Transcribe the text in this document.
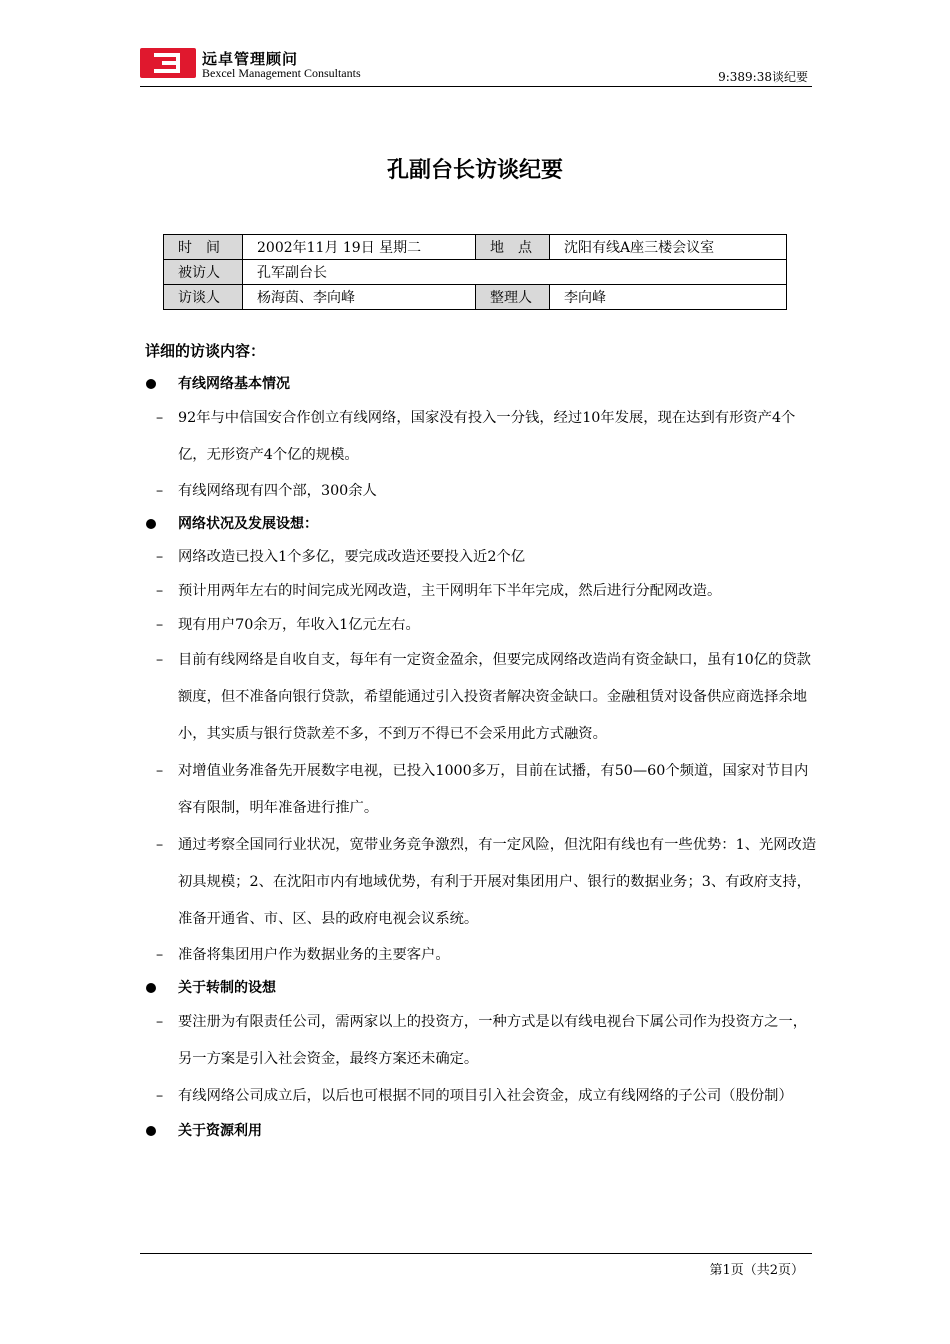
远卓管理顾问
Bexcel Management Consultants	9:389:38谈纪要
孔副台长访谈纪要
时　间	2002年11月 19日 星期二	地　点	沈阳有线A座三楼会议室
被访人	孔军副台长		
访谈人	杨海茵、李向峰	整理人	李向峰
详细的访谈内容：
有线网络基本情况
– 92年与中信国安合作创立有线网络，国家没有投入一分钱，经过10年发展，现在达到有形资产4个亿，无形资产4个亿的规模。
– 有线网络现有四个部，300余人
网络状况及发展设想：
– 网络改造已投入1个多亿，要完成改造还要投入近2个亿
– 预计用两年左右的时间完成光网改造，主干网明年下半年完成，然后进行分配网改造。
– 现有用户70余万，年收入1亿元左右。
– 目前有线网络是自收自支，每年有一定资金盈余，但要完成网络改造尚有资金缺口，虽有10亿的贷款额度，但不准备向银行贷款，希望能通过引入投资者解决资金缺口。金融租赁对设备供应商选择余地小，其实质与银行贷款差不多，不到万不得已不会采用此方式融资。
– 对增值业务准备先开展数字电视，已投入1000多万，目前在试播，有50—60个频道，国家对节目内容有限制，明年准备进行推广。
– 通过考察全国同行业状况，宽带业务竞争激烈，有一定风险，但沈阳有线也有一些优势：1、光网改造初具规模；2、在沈阳市内有地域优势，有利于开展对集团用户、银行的数据业务；3、有政府支持，准备开通省、市、区、县的政府电视会议系统。
– 准备将集团用户作为数据业务的主要客户。
关于转制的设想
– 要注册为有限责任公司，需两家以上的投资方，一种方式是以有线电视台下属公司作为投资方之一，另一方案是引入社会资金，最终方案还未确定。
– 有线网络公司成立后，以后也可根据不同的项目引入社会资金，成立有线网络的子公司（股份制）
关于资源利用
第1页（共2页）
